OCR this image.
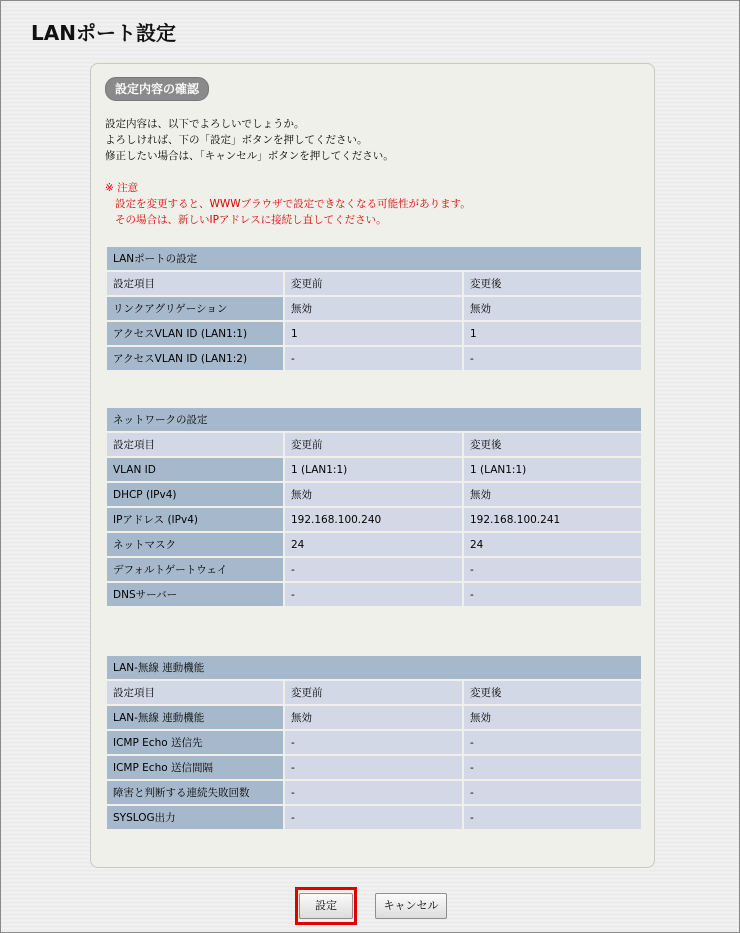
LANポート設定
設定内容の確認
設定内容は、以下でよろしいでしょうか。
よろしければ、下の「設定」ボタンを押してください。
修正したい場合は、「キャンセル」ボタンを押してください。
※ 注意
設定を変更すると、WWWブラウザで設定できなくなる可能性があります。
その場合は、新しいIPアドレスに接続し直してください。
LANポートの設定		
設定項目	変更前	変更後
リンクアグリゲーション	無効	無効
アクセスVLAN ID (LAN1:1)	1	1
アクセスVLAN ID (LAN1:2)	-	-
ネットワークの設定		
設定項目	変更前	変更後
VLAN ID	1 (LAN1:1)	1 (LAN1:1)
DHCP (IPv4)	無効	無効
IPアドレス (IPv4)	192.168.100.240	192.168.100.241
ネットマスク	24	24
デフォルトゲートウェイ	-	-
DNSサーバー	-	-
LAN-無線 連動機能		
設定項目	変更前	変更後
LAN-無線 連動機能	無効	無効
ICMP Echo 送信先	-	-
ICMP Echo 送信間隔	-	-
障害と判断する連続失敗回数	-	-
SYSLOG出力	-	-
設定	キャンセル
